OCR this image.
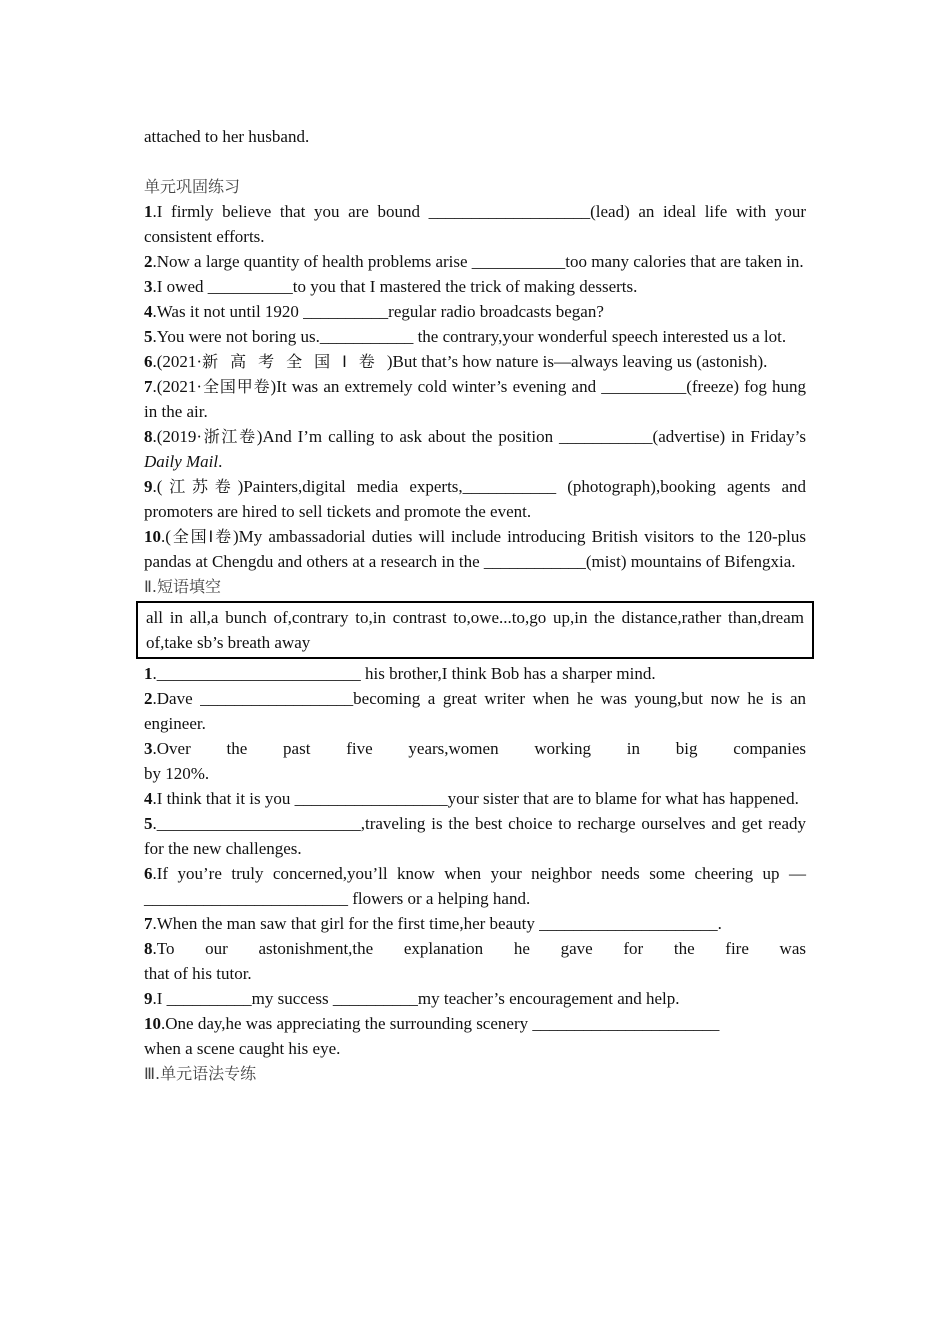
attached to her husband.

单元巩固练习

1.I firmly believe that you are bound ___________________(lead) an ideal life with your consistent efforts.

2.Now a large quantity of health problems arise ___________too many calories that are taken in.

3.I owed __________to you that I mastered the trick of making desserts.

4.Was it not until 1920 __________regular radio broadcasts began?

5.You were not boring us.___________ the contrary,your wonderful speech interested us a lot.

6.(2021·新高考全国Ⅰ卷)But that’s how nature is—always leaving us (astonish).

7.(2021·全国甲卷)It was an extremely cold winter’s evening and __________(freeze) fog hung in the air.

8.(2019·浙江卷)And I’m calling to ask about the position ___________(advertise) in Friday’s Daily Mail.

9.(江苏卷)Painters,digital media experts,___________ (photograph),booking agents and promoters are hired to sell tickets and promote the event.

10.(全国Ⅰ卷)My ambassadorial duties will include introducing British visitors to the 120-plus pandas at Chengdu and others at a research in the ____________(mist) mountains of Bifengxia.

Ⅱ.短语填空

all in all,a bunch of,contrary to,in contrast to,owe...to,go up,in the distance,rather than,dream of,take sb’s breath away

1.________________________ his brother,I think Bob has a sharper mind.

2.Dave __________________becoming a great writer when he was young,but now he is an engineer.

3.Over the past five years,women working in big companies

by 120%.

4.I think that it is you __________________your sister that are to blame for what has happened.

5.________________________,traveling is the best choice to recharge ourselves and get ready for the new challenges.

6.If you’re truly concerned,you’ll know when your neighbor needs some cheering up —________________________ flowers or a helping hand.

7.When the man saw that girl for the first time,her beauty _____________________.

8.To our astonishment,the explanation he gave for the fire was

that of his tutor.

9.I __________my success __________my teacher’s encouragement and help.

10.One day,he was appreciating the surrounding scenery ______________________

when a scene caught his eye.

Ⅲ.单元语法专练
